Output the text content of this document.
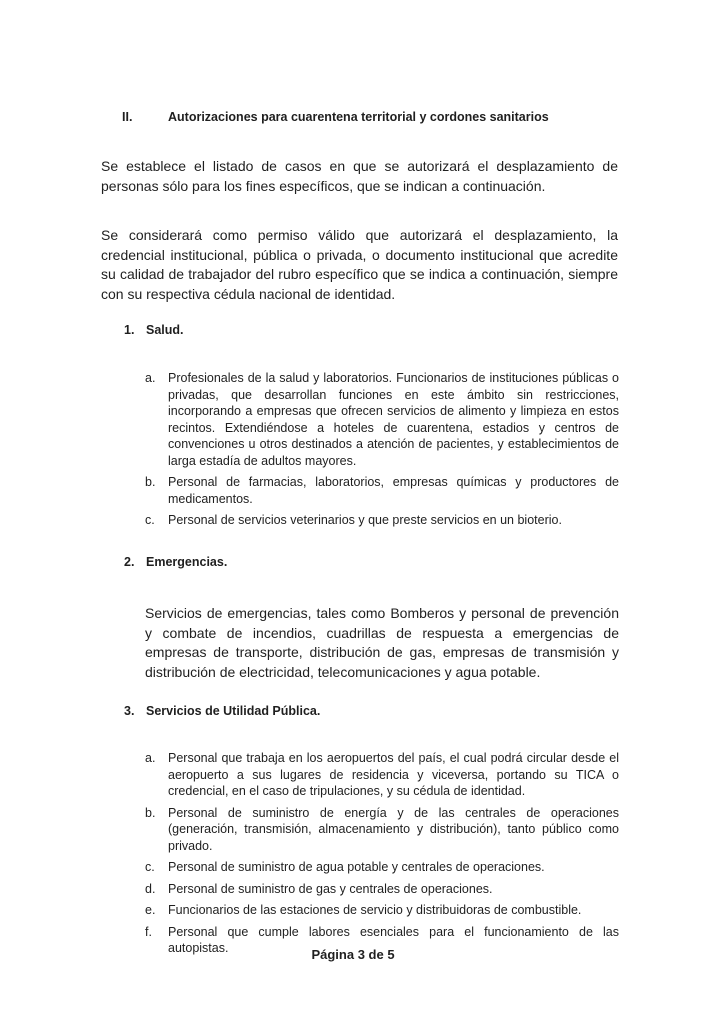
II.	Autorizaciones para cuarentena territorial y cordones sanitarios

Se establece el listado de casos en que se autorizará el desplazamiento de personas sólo para los fines específicos, que se indican a continuación.

Se considerará como permiso válido que autorizará el desplazamiento, la credencial institucional, pública o privada, o documento institucional que acredite su calidad de trabajador del rubro específico que se indica a continuación, siempre con su respectiva cédula nacional de identidad.

1. Salud.
a.	Profesionales de la salud y laboratorios. Funcionarios de instituciones públicas o privadas, que desarrollan funciones en este ámbito sin restricciones, incorporando a empresas que ofrecen servicios de alimento y limpieza en estos recintos. Extendiéndose a hoteles de cuarentena, estadios y centros de convenciones u otros destinados a atención de pacientes, y establecimientos de larga estadía de adultos mayores.
b.	Personal de farmacias, laboratorios, empresas químicas y productores de medicamentos.
c.	Personal de servicios veterinarios y que preste servicios en un bioterio.
2. Emergencias.

Servicios de emergencias, tales como Bomberos y personal de prevención y combate de incendios, cuadrillas de respuesta a emergencias de empresas de transporte, distribución de gas, empresas de transmisión y distribución de electricidad, telecomunicaciones y agua potable.

3. Servicios de Utilidad Pública.
a.	Personal que trabaja en los aeropuertos del país, el cual podrá circular desde el aeropuerto a sus lugares de residencia y viceversa, portando su TICA o credencial, en el caso de tripulaciones, y su cédula de identidad.
b.	Personal de suministro de energía y de las centrales de operaciones (generación, transmisión, almacenamiento y distribución), tanto público como privado.
c.	Personal de suministro de agua potable y centrales de operaciones.
d.	Personal de suministro de gas y centrales de operaciones.
e.	Funcionarios de las estaciones de servicio y distribuidoras de combustible.
f.	Personal que cumple labores esenciales para el funcionamiento de las autopistas.	Página 3 de 5
